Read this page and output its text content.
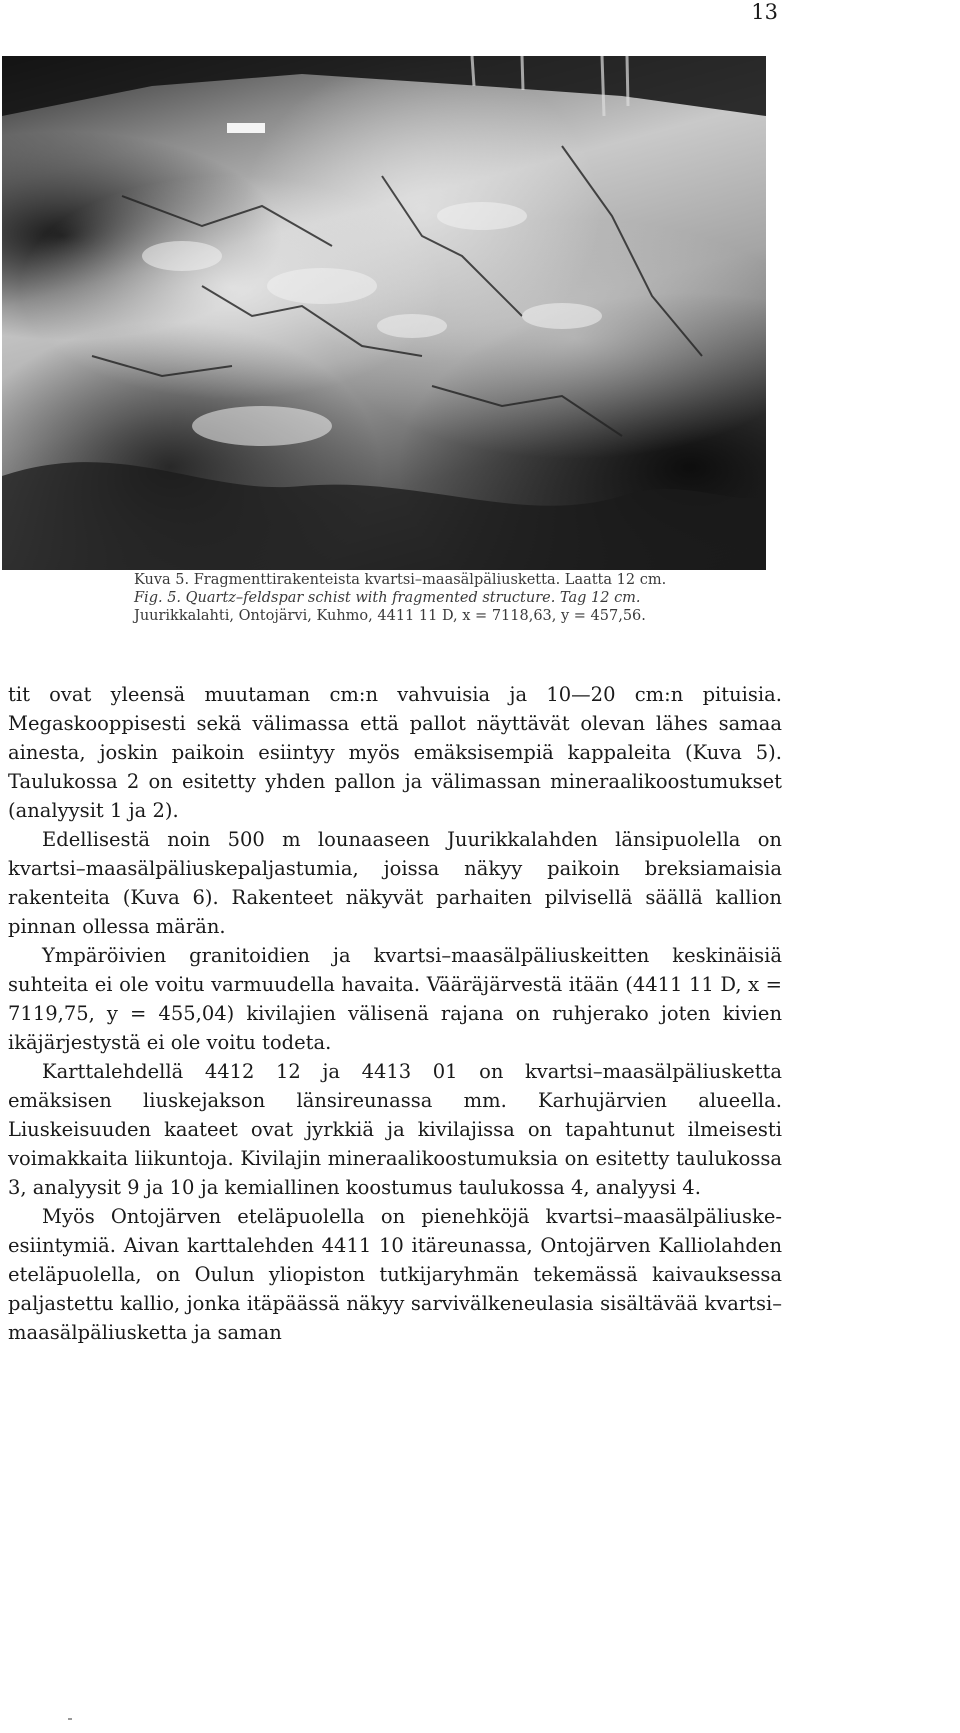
13
Kuva 5. Fragmenttirakenteista kvartsi–maasälpäliusketta. Laatta 12 cm.
Fig. 5. Quartz–feldspar schist with fragmented structure. Tag 12 cm.
Juurikkalahti, Ontojärvi, Kuhmo, 4411 11 D, x = 7118,63, y = 457,56.

tit ovat yleensä muutaman cm:n vahvuisia ja 10—20 cm:n pituisia. Megaskooppisesti sekä välimassa että pallot näyttävät olevan lähes samaa ainesta, joskin paikoin esiintyy myös emäksisempiä kappaleita (Kuva 5). Taulukossa 2 on esitetty yhden pallon ja välimassan mineraalikoostumukset (analyysit 1 ja 2).

Edellisestä noin 500 m lounaaseen Juurikkalahden länsipuolella on kvartsi–maasälpäliuskepaljastumia, joissa näkyy paikoin breksiamaisia rakenteita (Kuva 6). Rakenteet näkyvät parhaiten pilvisellä säällä kallion pinnan ollessa märän.

Ympäröivien granitoidien ja kvartsi–maasälpäliuskeitten keskinäisiä suhteita ei ole voitu varmuudella havaita. Vääräjärvestä itään (4411 11 D, x = 7119,75, y = 455,04) kivilajien välisenä rajana on ruhjerako joten kivien ikäjärjestystä ei ole voitu todeta.

Karttalehdellä 4412 12 ja 4413 01 on kvartsi–maasälpäliusketta emäksisen liuskejakson länsireunassa mm. Karhujärvien alueella. Liuskeisuuden kaateet ovat jyrkkiä ja kivilajissa on tapahtunut ilmeisesti voimakkaita liikuntoja. Kivilajin mineraalikoostumuksia on esitetty taulukossa 3, analyysit 9 ja 10 ja kemiallinen koostumus taulukossa 4, analyysi 4.

Myös Ontojärven eteläpuolella on pienehköjä kvartsi–maasälpäliuske-esiintymiä. Aivan karttalehden 4411 10 itäreunassa, Ontojärven Kalliolahden eteläpuolella, on Oulun yliopiston tutkijaryhmän tekemässä kaivauksessa paljastettu kallio, jonka itäpäässä näkyy sarvivälkeneulasia sisältävää kvartsi–maasälpäliusketta ja saman
